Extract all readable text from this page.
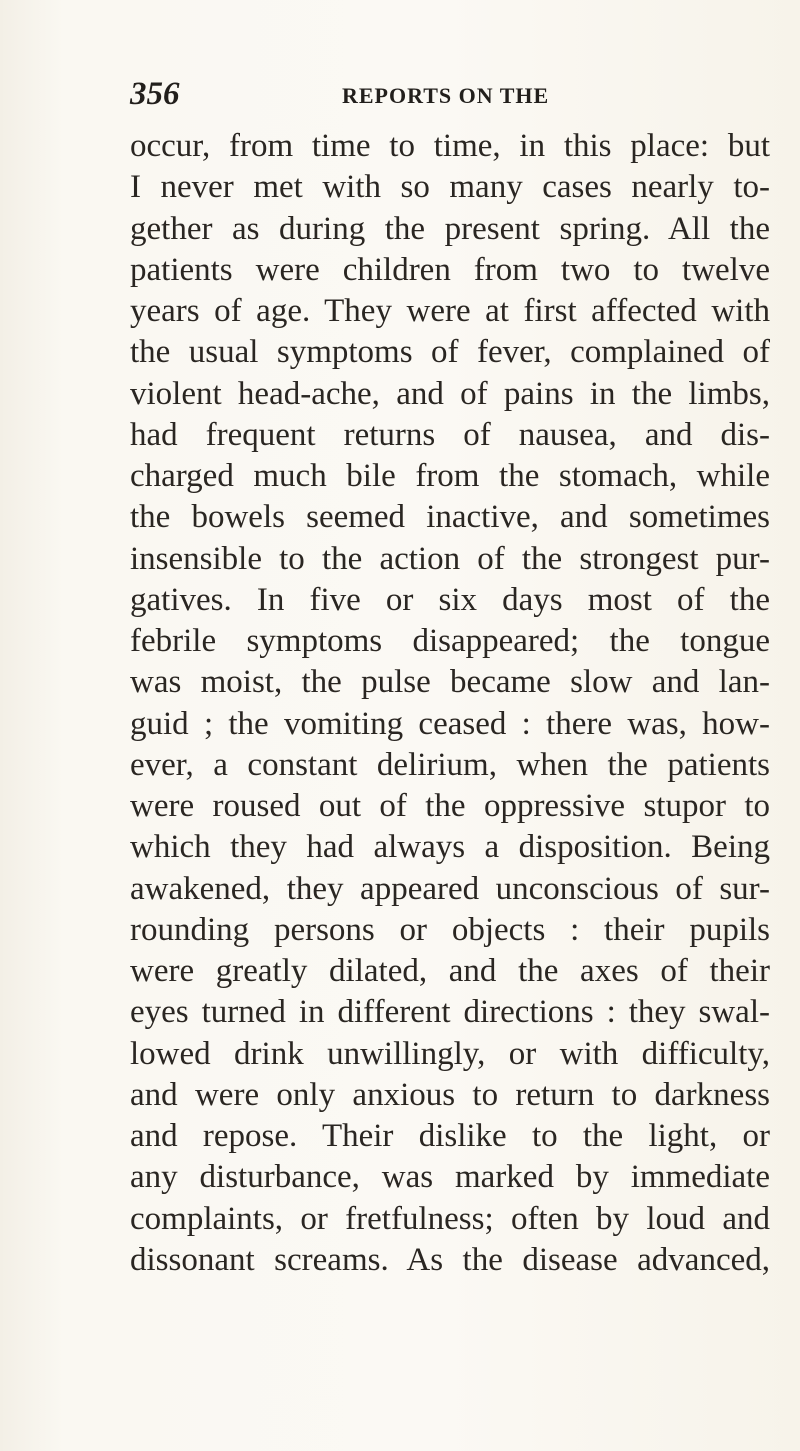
356	REPORTS ON THE
occur, from time to time, in this place: but
I never met with so many cases nearly to-
gether as during the present spring. All the
patients were children from two to twelve
years of age. They were at first affected with
the usual symptoms of fever, complained of
violent head-ache, and of pains in the limbs,
had frequent returns of nausea, and dis-
charged much bile from the stomach, while
the bowels seemed inactive, and sometimes
insensible to the action of the strongest pur-
gatives. In five or six days most of the
febrile symptoms disappeared; the tongue
was moist, the pulse became slow and lan-
guid ; the vomiting ceased : there was, how-
ever, a constant delirium, when the patients
were roused out of the oppressive stupor to
which they had always a disposition. Being
awakened, they appeared unconscious of sur-
rounding persons or objects : their pupils
were greatly dilated, and the axes of their
eyes turned in different directions : they swal-
lowed drink unwillingly, or with difficulty,
and were only anxious to return to darkness
and repose. Their dislike to the light, or
any disturbance, was marked by immediate
complaints, or fretfulness; often by loud and
dissonant screams. As the disease advanced,
